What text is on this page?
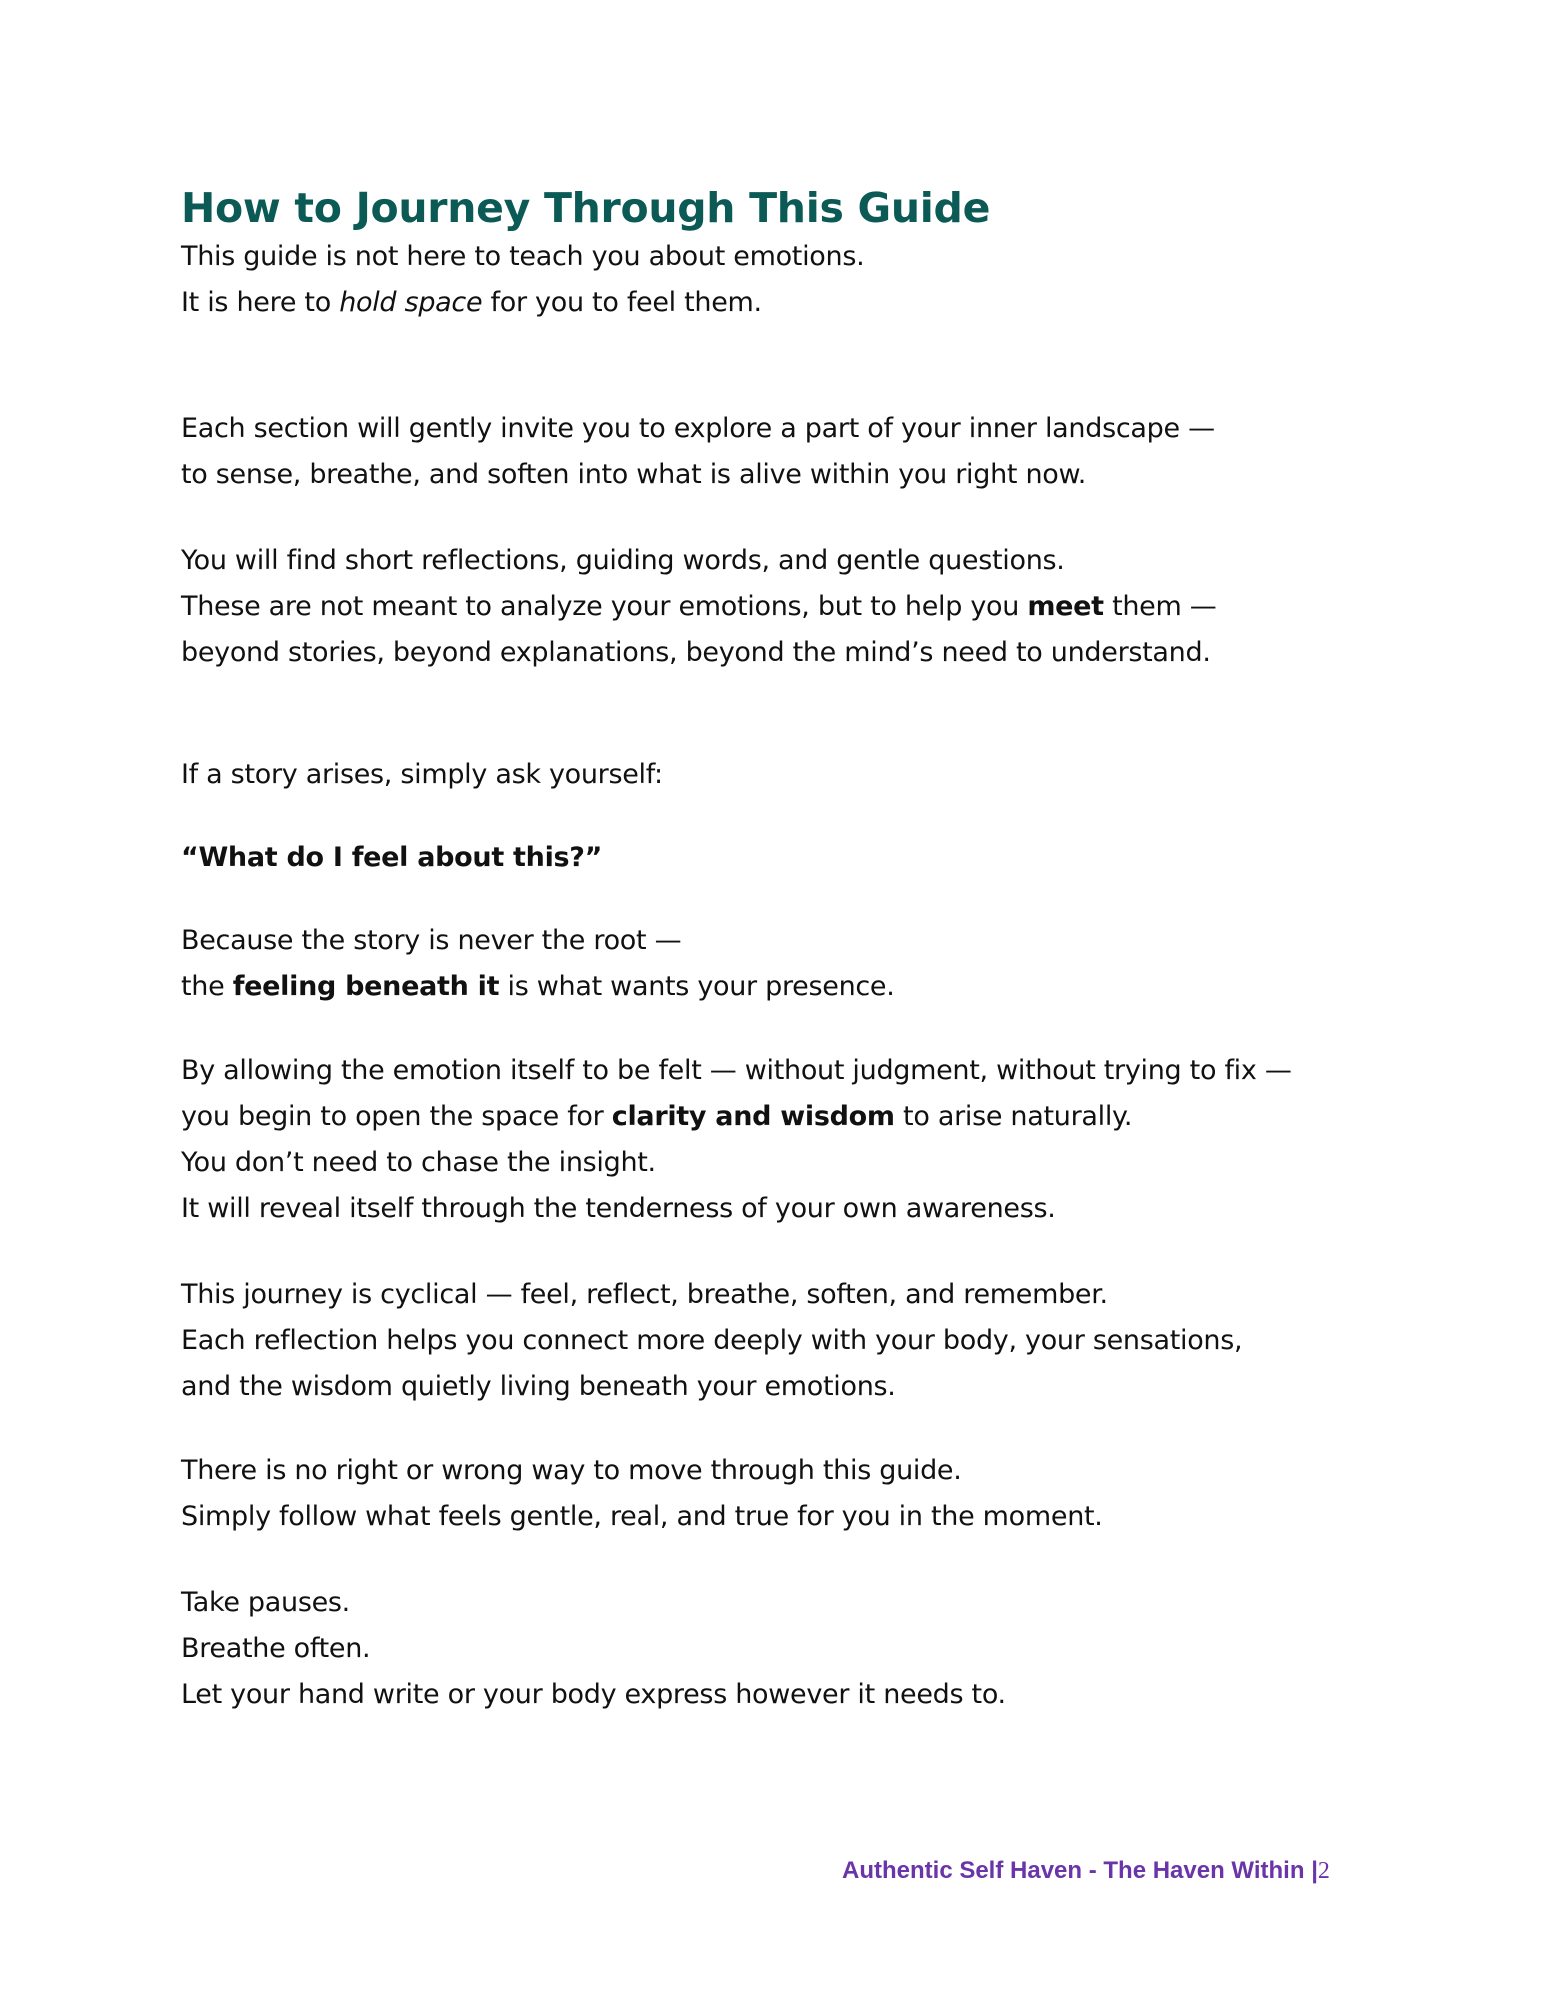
How to Journey Through This Guide

This guide is not here to teach you about emotions.
It is here to hold space for you to feel them.

Each section will gently invite you to explore a part of your inner landscape —
to sense, breathe, and soften into what is alive within you right now.

You will find short reflections, guiding words, and gentle questions.
These are not meant to analyze your emotions, but to help you meet them —
beyond stories, beyond explanations, beyond the mind’s need to understand.

If a story arises, simply ask yourself:

“What do I feel about this?”

Because the story is never the root —
the feeling beneath it is what wants your presence.

By allowing the emotion itself to be felt — without judgment, without trying to fix —
you begin to open the space for clarity and wisdom to arise naturally.
You don’t need to chase the insight.
It will reveal itself through the tenderness of your own awareness.

This journey is cyclical — feel, reflect, breathe, soften, and remember.
Each reflection helps you connect more deeply with your body, your sensations,
and the wisdom quietly living beneath your emotions.

There is no right or wrong way to move through this guide.
Simply follow what feels gentle, real, and true for you in the moment.

Take pauses.
Breathe often.
Let your hand write or your body express however it needs to.

Authentic Self Haven - The Haven Within |2
